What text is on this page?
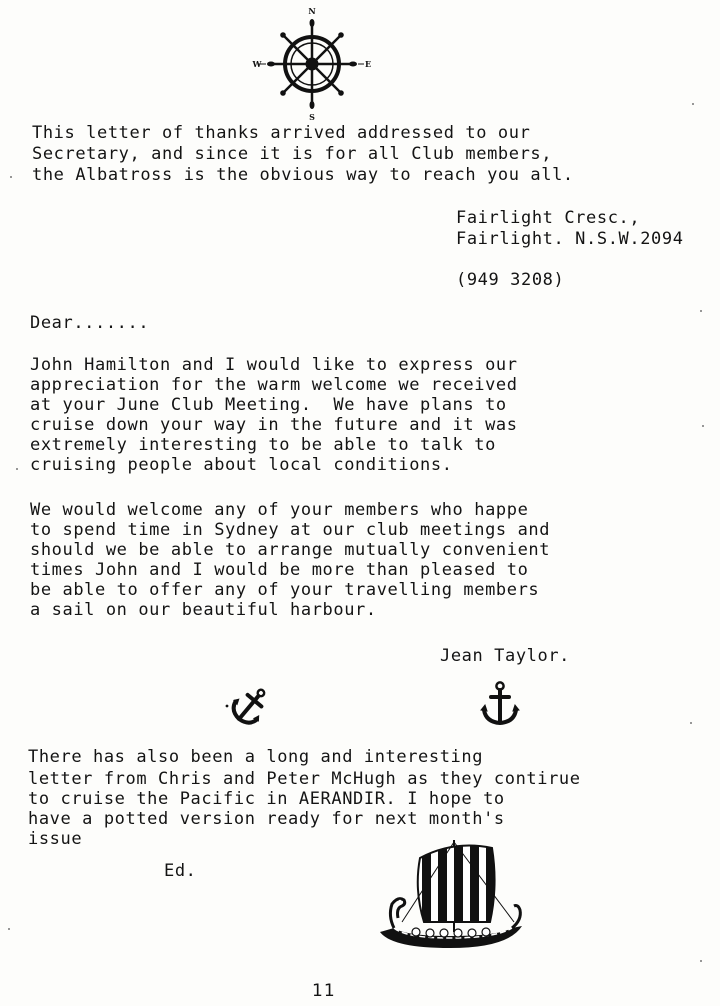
N
S
E
W
This letter of thanks arrived addressed to our
Secretary, and since it is for all Club members,
the Albatross is the obvious way to reach you all.
Fairlight Cresc.,
Fairlight. N.S.W.2094
(949 3208)
Dear.......
John Hamilton and I would like to express our
appreciation for the warm welcome we received
at your June Club Meeting.  We have plans to
cruise down your way in the future and it was
extremely interesting to be able to talk to
cruising people about local conditions.
We would welcome any of your members who happe
to spend time in Sydney at our club meetings and
should we be able to arrange mutually convenient
times John and I would be more than pleased to
be able to offer any of your travelling members
a sail on our beautiful harbour.
Jean Taylor.
There has also been a long and interesting
letter from Chris and Peter McHugh as they contirue
to cruise the Pacific in AERANDIR. I hope to
have a potted version ready for next month's
issue
Ed.
11
